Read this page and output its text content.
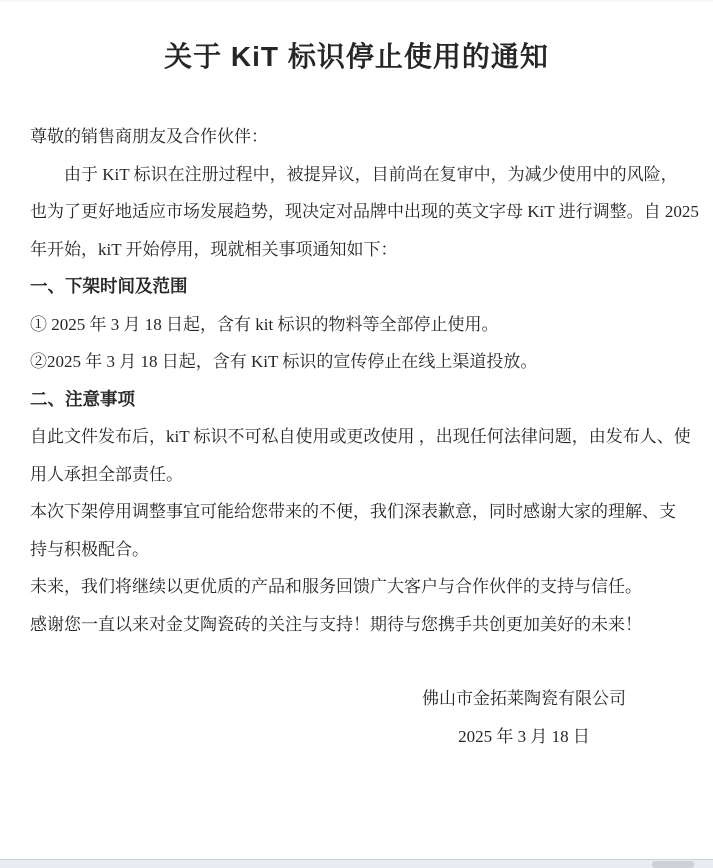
关于 KiT 标识停止使用的通知
尊敬的销售商朋友及合作伙伴：
由于 KiT 标识在注册过程中，被提异议，目前尚在复审中，为减少使用中的风险，
也为了更好地适应市场发展趋势，现决定对品牌中出现的英文字母 KiT 进行调整。自 2025
年开始，kiT 开始停用，现就相关事项通知如下：
一、下架时间及范围
① 2025 年 3 月 18 日起，含有 kit 标识的物料等全部停止使用。
②2025 年 3 月 18 日起，含有 KiT 标识的宣传停止在线上渠道投放。
二、注意事项
自此文件发布后，kiT 标识不可私自使用或更改使用 ，出现任何法律问题，由发布人、使
用人承担全部责任。
本次下架停用调整事宜可能给您带来的不便，我们深表歉意，同时感谢大家的理解、支
持与积极配合。
未来，我们将继续以更优质的产品和服务回馈广大客户与合作伙伴的支持与信任。
感谢您一直以来对金艾陶瓷砖的关注与支持！期待与您携手共创更加美好的未来！
佛山市金拓莱陶瓷有限公司
2025 年 3 月 18 日
